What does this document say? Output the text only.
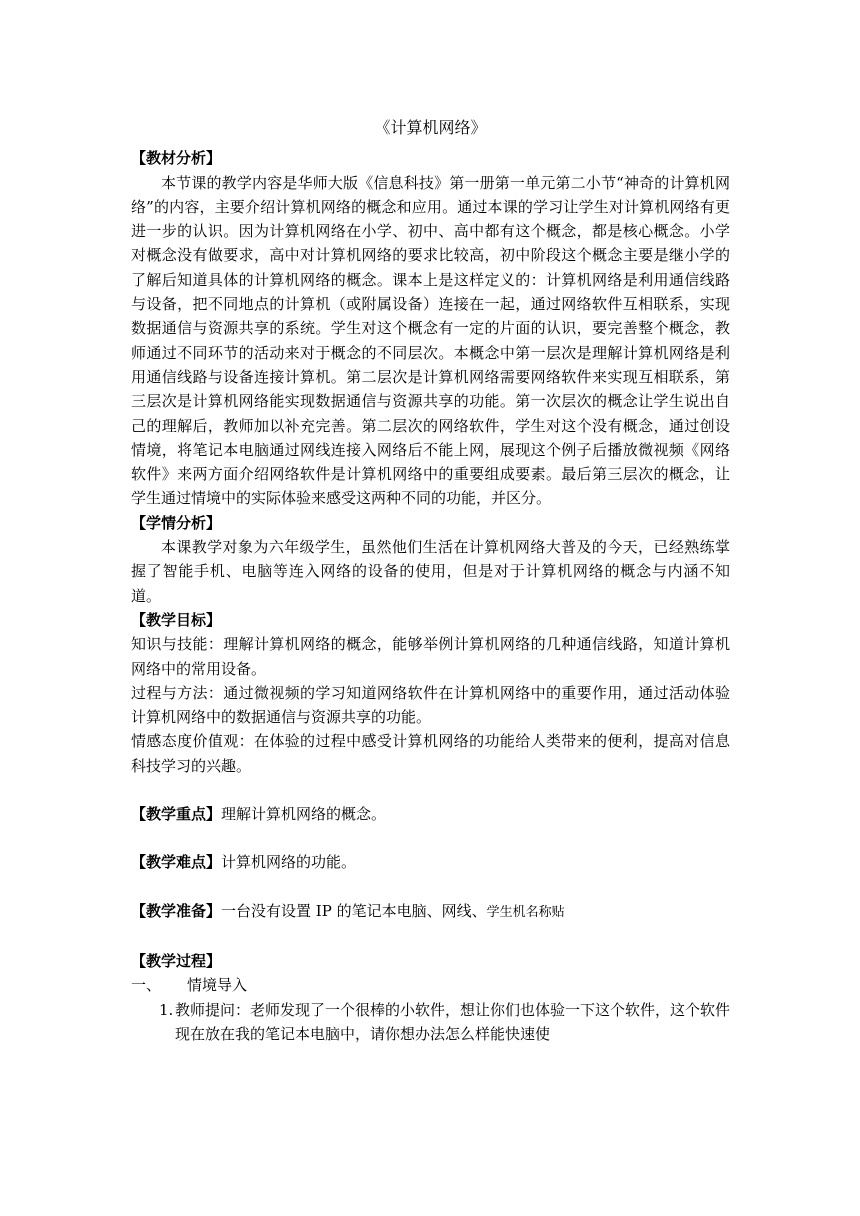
《计算机网络》

【教材分析】

本节课的教学内容是华师大版《信息科技》第一册第一单元第二小节“神奇的计算机网络”的内容，主要介绍计算机网络的概念和应用。通过本课的学习让学生对计算机网络有更进一步的认识。因为计算机网络在小学、初中、高中都有这个概念，都是核心概念。小学对概念没有做要求，高中对计算机网络的要求比较高，初中阶段这个概念主要是继小学的了解后知道具体的计算机网络的概念。课本上是这样定义的：计算机网络是利用通信线路与设备，把不同地点的计算机（或附属设备）连接在一起，通过网络软件互相联系，实现数据通信与资源共享的系统。学生对这个概念有一定的片面的认识，要完善整个概念，教师通过不同环节的活动来对于概念的不同层次。本概念中第一层次是理解计算机网络是利用通信线路与设备连接计算机。第二层次是计算机网络需要网络软件来实现互相联系，第三层次是计算机网络能实现数据通信与资源共享的功能。第一次层次的概念让学生说出自己的理解后，教师加以补充完善。第二层次的网络软件，学生对这个没有概念，通过创设情境，将笔记本电脑通过网线连接入网络后不能上网，展现这个例子后播放微视频《网络软件》来两方面介绍网络软件是计算机网络中的重要组成要素。最后第三层次的概念，让学生通过情境中的实际体验来感受这两种不同的功能，并区分。

【学情分析】

本课教学对象为六年级学生，虽然他们生活在计算机网络大普及的今天，已经熟练掌握了智能手机、电脑等连入网络的设备的使用，但是对于计算机网络的概念与内涵不知道。

【教学目标】

知识与技能：理解计算机网络的概念，能够举例计算机网络的几种通信线路，知道计算机网络中的常用设备。

过程与方法：通过微视频的学习知道网络软件在计算机网络中的重要作用，通过活动体验计算机网络中的数据通信与资源共享的功能。

情感态度价值观：在体验的过程中感受计算机网络的功能给人类带来的便利，提高对信息科技学习的兴趣。

【教学重点】理解计算机网络的概念。

【教学难点】计算机网络的功能。

【教学准备】一台没有设置 IP 的笔记本电脑、网线、学生机名称贴

【教学过程】

一、 情境导入

1. 教师提问：老师发现了一个很棒的小软件，想让你们也体验一下这个软件，这个软件现在放在我的笔记本电脑中，请你想办法怎么样能快速使
